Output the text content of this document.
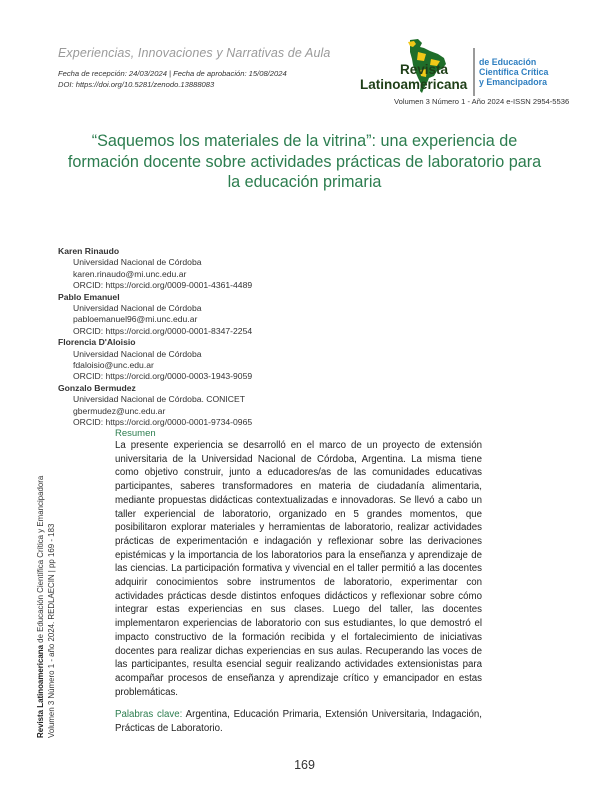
Experiencias, Innovaciones y Narrativas de Aula
Fecha de recepción: 24/03/2024 | Fecha de aprobación: 15/08/2024
DOI: https://doi.org/10.5281/zenodo.13888083
Revista
Latinoamericana
de Educación
Científica Crítica
y Emancipadora
Volumen 3 Número 1 - Año 2024 e-ISSN 2954-5536
“Saquemos los materiales de la vitrina”: una experiencia de formación docente sobre actividades prácticas de laboratorio para la educación primaria
Karen Rinaudo
Universidad Nacional de Córdoba
karen.rinaudo@mi.unc.edu.ar
ORCID: https://orcid.org/0009-0001-4361-4489
Pablo Emanuel
Universidad Nacional de Córdoba
pabloemanuel96@mi.unc.edu.ar
ORCID: https://orcid.org/0000-0001-8347-2254
Florencia D'Aloisio
Universidad Nacional de Córdoba
fdaloisio@unc.edu.ar
ORCID: https://orcid.org/0000-0003-1943-9059
Gonzalo Bermudez
Universidad Nacional de Córdoba. CONICET
gbermudez@unc.edu.ar
ORCID: https://orcid.org/0000-0001-9734-0965
Revista Latinoamericana de Educación Científica Crítica y Emancipadora Volumen 3 Número 1 - año 2024. REDLAECIN | pp 169 - 183
Resumen

La presente experiencia se desarrolló en el marco de un proyecto de extensión universitaria de la Universidad Nacional de Córdoba, Argentina. La misma tiene como objetivo construir, junto a educadores/as de las comunidades educativas participantes, saberes transformadores en materia de ciudadanía alimentaria, mediante propuestas didácticas contextualizadas e innovadoras. Se llevó a cabo un taller experiencial de laboratorio, organizado en 5 grandes momentos, que posibilitaron explorar materiales y herramientas de laboratorio, realizar actividades prácticas de experimentación e indagación y reflexionar sobre las derivaciones epistémicas y la importancia de los laboratorios para la enseñanza y aprendizaje de las ciencias. La participación formativa y vivencial en el taller permitió a las docentes adquirir conocimientos sobre instrumentos de laboratorio, experimentar con actividades prácticas desde distintos enfoques didácticos y reflexionar sobre cómo integrar estas experiencias en sus clases. Luego del taller, las docentes implementaron experiencias de laboratorio con sus estudiantes, lo que demostró el impacto constructivo de la formación recibida y el fortalecimiento de iniciativas docentes para realizar dichas experiencias en sus aulas. Recuperando las voces de las participantes, resulta esencial seguir realizando actividades extensionistas para acompañar procesos de enseñanza y aprendizaje crítico y emancipador en estas problemáticas.

Palabras clave: Argentina, Educación Primaria, Extensión Universitaria, Indagación, Prácticas de Laboratorio.

169
